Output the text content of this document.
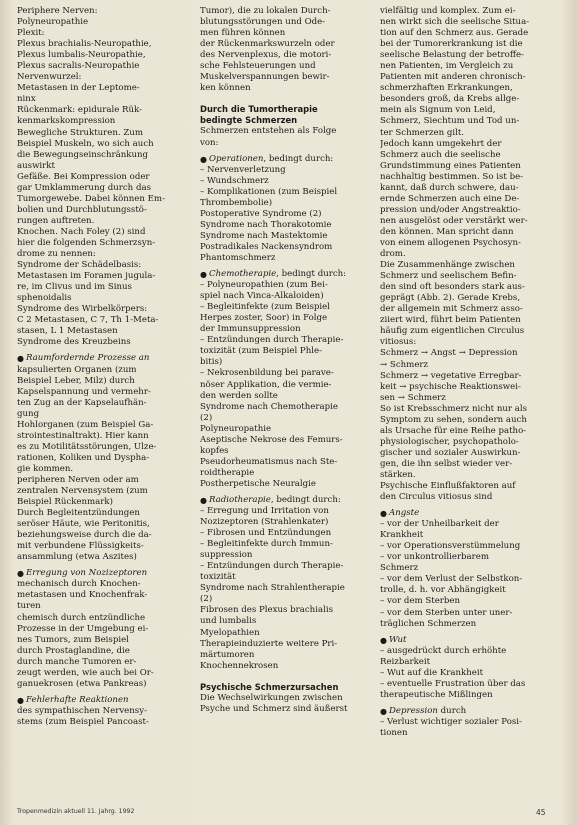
Periphere Nerven:
Polyneuropathie
Plexit:
Plexus brachialis-Neuropathie,
Plexus lumbalis-Neuropathie,
Plexus sacralis-Neuropathie
Nervenwurzel:
Metastasen in der Leptome-
ninx
Rückenmark: epidurale Rük-
kenmarkskompression
Bewegliche Strukturen. Zum
Beispiel Muskeln, wo sich auch
die Bewegungseinschränkung
auswirkt
Gefäße. Bei Kompression oder
gar Umklammerung durch das
Tumorgewebe. Dabei können Em-
bolien und Durchblutungsstö-
rungen auftreten.
Knochen. Nach Foley (2) sind
hier die folgenden Schmerzsyn-
drome zu nennen:
Syndrome der Schädelbasis:
Metastasen im Foramen jugula-
re, im Clivus und im Sinus
sphenoidalis
Syndrome des Wirbelkörpers:
C 2 Metastasen, C 7, Th 1-Meta-
stasen, L 1 Metastasen
Syndrome des Kreuzbeins
● Raumfordernde Prozesse an
kapsulierten Organen (zum
Beispiel Leber, Milz) durch
Kapselspannung und vermehr-
ten Zug an der Kapselaufhän-
gung
Hohlorganen (zum Beispiel Ga-
strointestinaltrakt). Hier kann
es zu Motilitätsstörungen, Ulze-
rationen, Koliken und Dyspha-
gie kommen.
peripheren Nerven oder am
zentralen Nervensystem (zum
Beispiel Rückenmark)
Durch Begleitentzündungen
seröser Häute, wie Peritonitis,
beziehungsweise durch die da-
mit verbundene Flüssigkeits-
ansammlung (etwa Aszites)
● Erregung von Nozizeptoren
mechanisch durch Knochen-
metastasen und Knochenfrak-
turen
chemisch durch entzündliche
Prozesse in der Umgebung ei-
nes Tumors, zum Beispiel
durch Prostaglandine, die
durch manche Tumoren er-
zeugt werden, wie auch bei Or-
ganuekrosen (etwa Pankreas)
● Fehlerhafte Reaktionen
des sympathischen Nervensy-
stems (zum Beispiel Pancoast-
Tumor), die zu lokalen Durch-
blutungsstörungen und Öde-
men führen können
der Rückenmarkswurzeln oder
des Nervenplexus, die motori-
sche Fehlsteuerungen und
Muskelverspannungen bewir-
ken können
Durch die Tumortherapie
bedingte Schmerzen
Schmerzen entstehen als Folge
von:
● Operationen, bedingt durch:
– Nervenverletzung
– Wundschmerz
– Komplikationen (zum Beispiel
Thrombembolie)
Postoperative Syndrome (2)
Syndrome nach Thorakotomie
Syndrome nach Mastektomie
Postradikales Nackensyndrom
Phantomschmerz
● Chemotherapie, bedingt durch:
– Polyneuropathien (zum Bei-
spiel nach Vinca-Alkaloiden)
– Begleitinfekte (zum Beispiel
Herpes zoster, Soor) in Folge
der Immunsuppression
– Entzündungen durch Therapie-
toxizität (zum Beispiel Phle-
bitis)
– Nekrosenbildung bei parave-
nöser Applikation, die vermie-
den werden sollte
Syndrome nach Chemotherapie
(2)
Polyneuropathie
Aseptische Nekrose des Femurs-
kopfes
Pseudorheumatismus nach Ste-
roidtherapie
Postherpetische Neuralgie
● Radiotherapie, bedingt durch:
– Erregung und Irritation von
Nozizeptoren (Strahlenkater)
– Fibrosen und Entzündungen
– Begleitinfekte durch Immun-
suppression
– Entzündungen durch Therapie-
toxizität
Syndrome nach Strahlentherapie
(2)
Fibrosen des Plexus brachialis
und lumbalis
Myelopathien
Therapieinduzierte weitere Pri-
märtumoren
Knochennekrosen
Psychische Schmerzursachen
Die Wechselwirkungen zwischen
Psyche und Schmerz sind äußerst
vielfältig und komplex. Zum ei-
nen wirkt sich die seelische Situa-
tion auf den Schmerz aus. Gerade
bei der Tumorerkrankung ist die
seelische Belastung der betroffe-
nen Patienten, im Vergleich zu
Patienten mit anderen chronisch-
schmerzhaften Erkrankungen,
besonders groß, da Krebs allge-
mein als Signum von Leid,
Schmerz, Siechtum und Tod un-
ter Schmerzen gilt.
Jedoch kann umgekehrt der
Schmerz auch die seelische
Grundstimmung eines Patienten
nachhaltig bestimmen. So ist be-
kannt, daß durch schwere, dau-
ernde Schmerzen auch eine De-
pression und/oder Angstreaktio-
nen ausgelöst oder verstärkt wer-
den können. Man spricht dann
von einem allogenen Psychosyn-
drom.
Die Zusammenhänge zwischen
Schmerz und seelischem Befin-
den sind oft besonders stark aus-
geprägt (Abb. 2). Gerade Krebs,
der allgemein mit Schmerz asso-
ziiert wird, führt beim Patienten
häufig zum eigentlichen Circulus
vitiosus:
Schmerz → Angst → Depression
→ Schmerz
Schmerz → vegetative Erregbar-
keit → psychische Reaktionswei-
sen → Schmerz
So ist Krebsschmerz nicht nur als
Symptom zu sehen, sondern auch
als Ursache für eine Reihe patho-
physiologischer, psychopatholo-
gischer und sozialer Auswirkun-
gen, die ihn selbst wieder ver-
stärken.
Psychische Einflußfaktoren auf
den Circulus vitiosus sind
● Ängste
– vor der Unheilbarkeit der
Krankheit
– vor Operationsverstümmelung
– vor unkontrollierbarem
Schmerz
– vor dem Verlust der Selbstkon-
trolle, d. h. vor Abhängigkeit
– vor dem Sterben
– vor dem Sterben unter uner-
träglichen Schmerzen
● Wut
– ausgedrückt durch erhöhte
Reizbarkeit
– Wut auf die Krankheit
– eventuelle Frustration über das
therapeutische Mißlingen
● Depression durch
– Verlust wichtiger sozialer Posi-
tionen
Tropenmedizin aktuell 11. Jahrg. 1992	45
